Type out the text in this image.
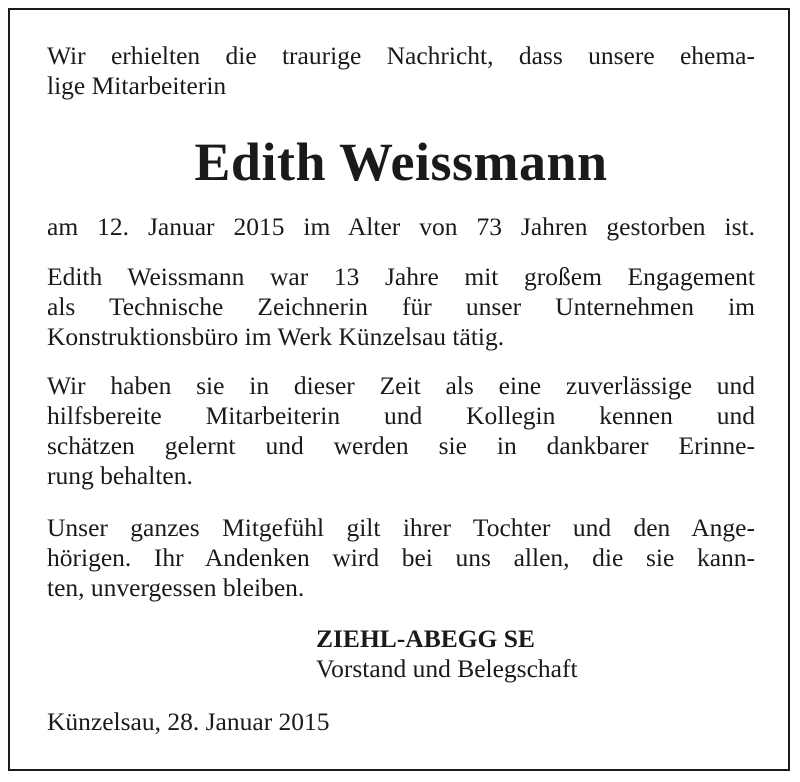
Wir erhielten die traurige Nachricht, dass unsere ehema-
lige Mitarbeiterin
Edith Weissmann
am 12. Januar 2015 im Alter von 73 Jahren gestorben ist.
Edith Weissmann war 13 Jahre mit großem Engagement
als Technische Zeichnerin für unser Unternehmen im
Konstruktionsbüro im Werk Künzelsau tätig.
Wir haben sie in dieser Zeit als eine zuverlässige und
hilfsbereite Mitarbeiterin und Kollegin kennen und
schätzen gelernt und werden sie in dankbarer Erinne-
rung behalten.
Unser ganzes Mitgefühl gilt ihrer Tochter und den Ange-
hörigen. Ihr Andenken wird bei uns allen, die sie kann-
ten, unvergessen bleiben.
ZIEHL-ABEGG SE
Vorstand und Belegschaft
Künzelsau, 28. Januar 2015
